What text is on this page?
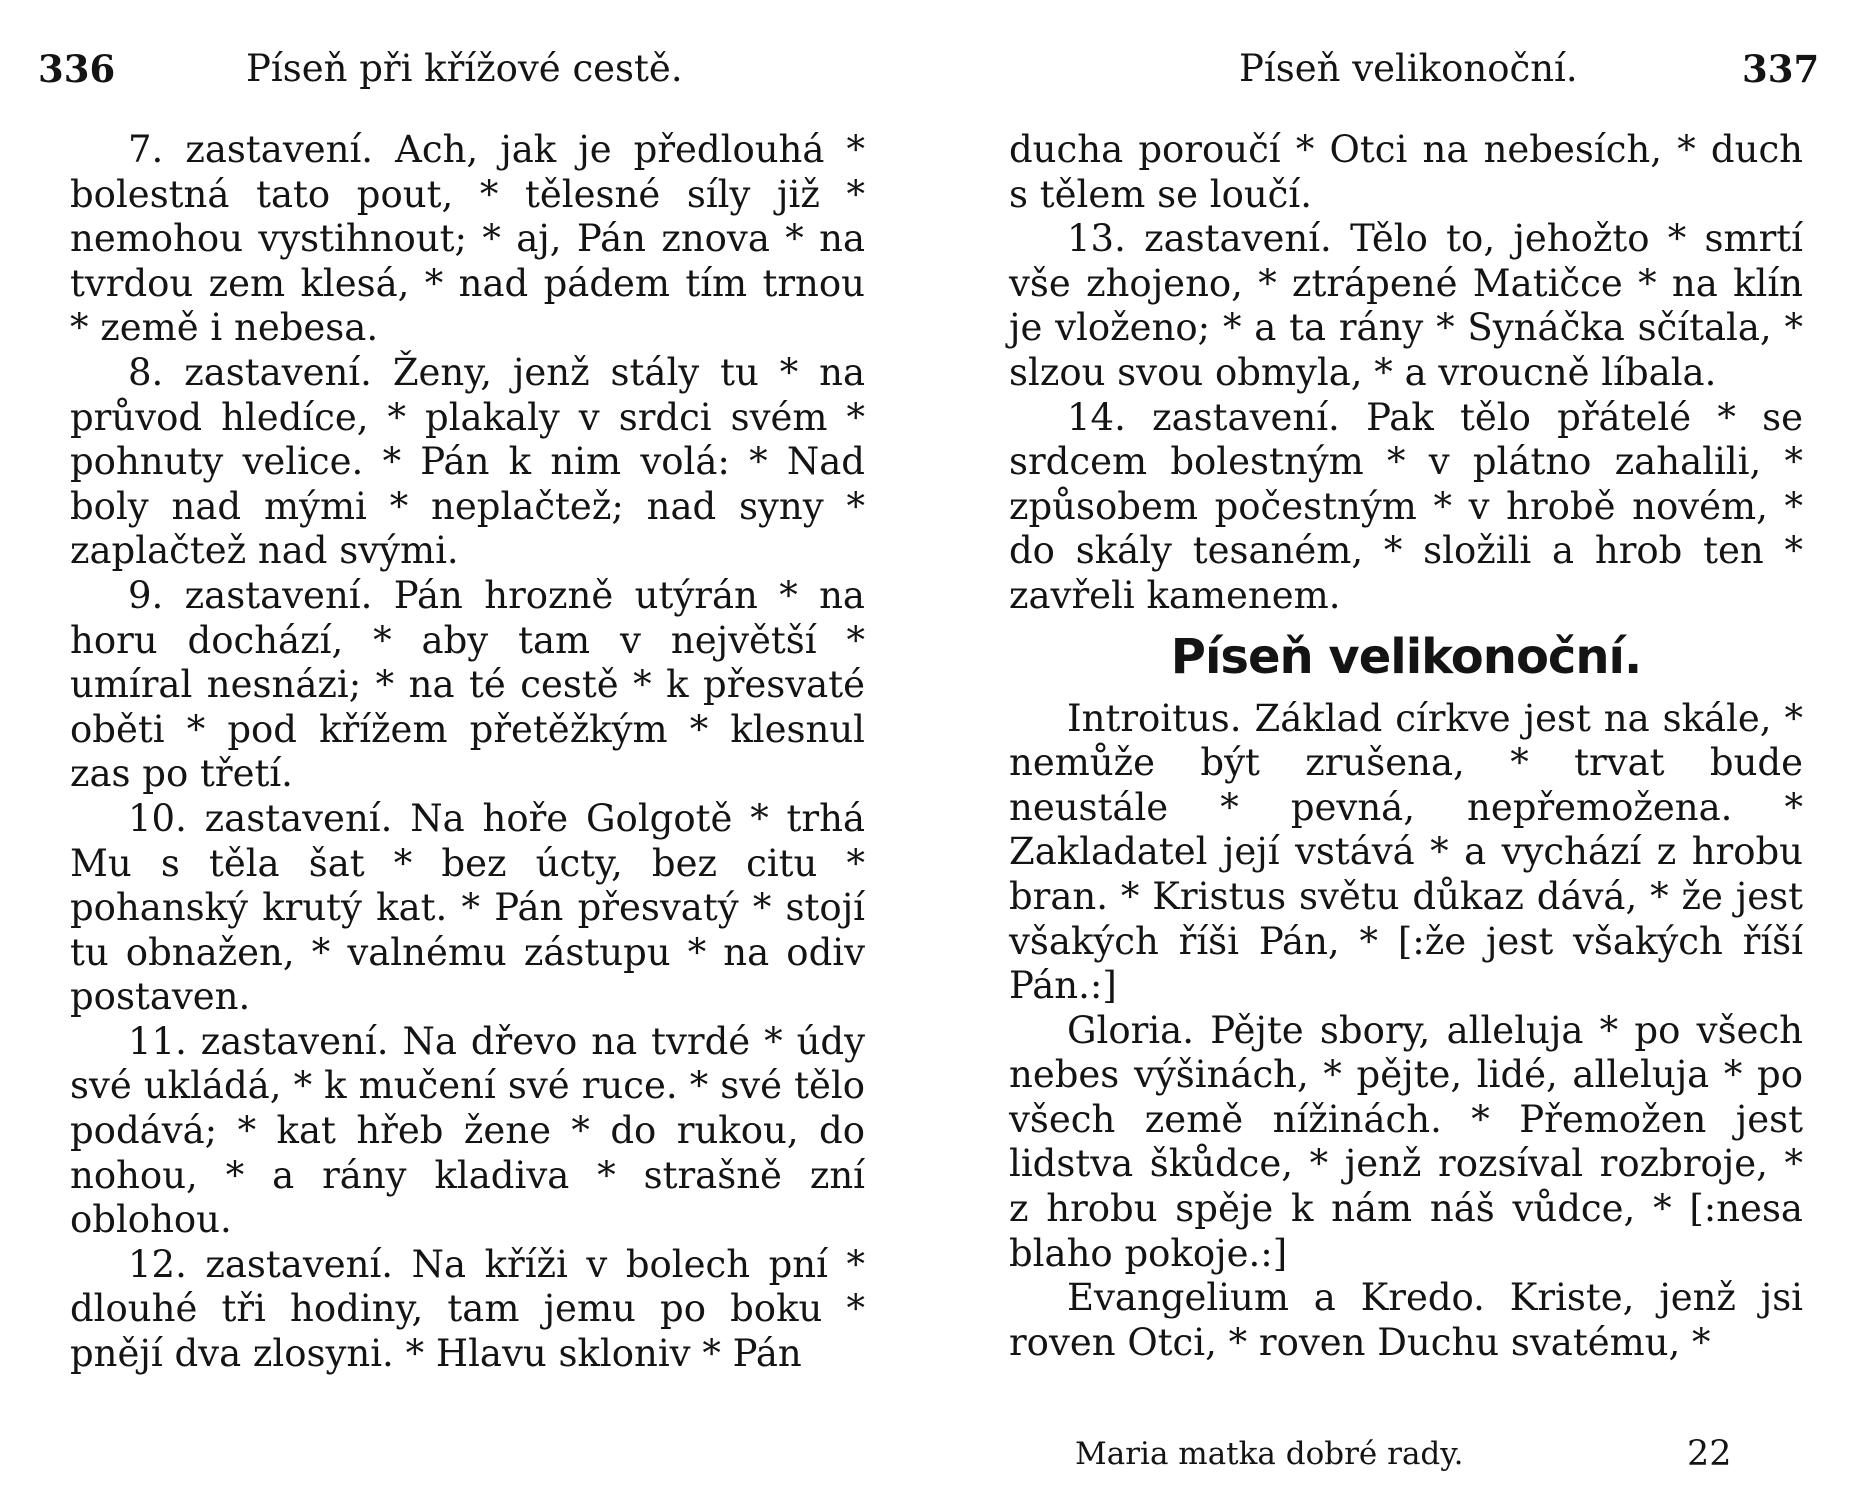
336	Píseň při křížové cestě.

7. zastavení. Ach, jak je předlouhá * bolestná tato pout, * tělesné síly již * nemohou vystihnout; * aj, Pán znova * na tvrdou zem klesá, * nad pádem tím trnou * země i nebesa.

8. zastavení. Ženy, jenž stály tu * na průvod hledíce, * plakaly v srdci svém * pohnuty velice. * Pán k nim volá: * Nad boly nad mými * neplačtež; nad syny * zaplačtež nad svými.

9. zastavení. Pán hrozně utýrán * na horu dochází, * aby tam v největší * umíral nesnázi; * na té cestě * k přesvaté oběti * pod křížem přetěžkým * klesnul zas po třetí.

10. zastavení. Na hoře Golgotě * trhá Mu s těla šat * bez úcty, bez citu * pohanský krutý kat. * Pán přesvatý * stojí tu obnažen, * valnému zástupu * na odiv postaven.

11. zastavení. Na dřevo na tvrdé * údy své ukládá, * k mučení své ruce. * své tělo podává; * kat hřeb žene * do rukou, do nohou, * a rány kladiva * strašně zní oblohou.

12. zastavení. Na kříži v bolech pní * dlouhé tři hodiny, tam jemu po boku * pnějí dva zlosyni. * Hlavu skloniv * Pán

Píseň velikonoční.	337

ducha poroučí * Otci na nebesích, * duch s tělem se loučí.

13. zastavení. Tělo to, jehožto * smrtí vše zhojeno, * ztrápené Matičce * na klín je vloženo; * a ta rány * Synáčka sčítala, * slzou svou obmyla, * a vroucně líbala.

14. zastavení. Pak tělo přátelé * se srdcem bolestným * v plátno zahalili, * způsobem počestným * v hrobě novém, * do skály tesaném, * složili a hrob ten * zavřeli kamenem.

Píseň velikonoční.

Introitus. Základ církve jest na skále, * nemůže být zrušena, * trvat bude neustále * pevná, nepřemožena. * Zakladatel její vstává * a vychází z hrobu bran. * Kristus světu důkaz dává, * že jest všakých říši Pán, * [:že jest všakých říší Pán.:]

Gloria. Pějte sbory, alleluja * po všech nebes výšinách, * pějte, lidé, alleluja * po všech země nížinách. * Přemožen jest lidstva škůdce, * jenž rozsíval rozbroje, * z hrobu spěje k nám náš vůdce, * [:nesa blaho pokoje.:]

Evangelium a Kredo. Kriste, jenž jsi roven Otci, * roven Duchu svatému, *

Maria matka dobré rady.	22
